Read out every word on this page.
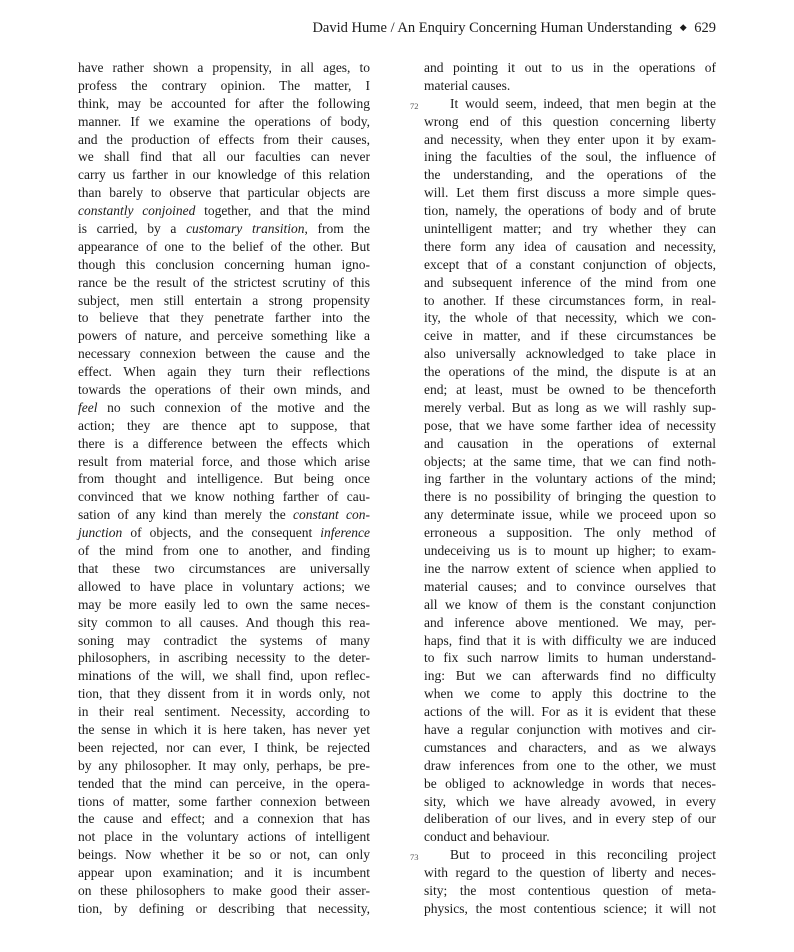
David Hume / An Enquiry Concerning Human Understanding ◆ 629
have rather shown a propensity, in all ages, to
profess the contrary opinion. The matter, I
think, may be accounted for after the following
manner. If we examine the operations of body,
and the production of effects from their causes,
we shall find that all our faculties can never
carry us farther in our knowledge of this relation
than barely to observe that particular objects are
constantly conjoined together, and that the mind
is carried, by a customary transition, from the
appearance of one to the belief of the other. But
though this conclusion concerning human igno-
rance be the result of the strictest scrutiny of this
subject, men still entertain a strong propensity
to believe that they penetrate farther into the
powers of nature, and perceive something like a
necessary connexion between the cause and the
effect. When again they turn their reflections
towards the operations of their own minds, and
feel no such connexion of the motive and the
action; they are thence apt to suppose, that
there is a difference between the effects which
result from material force, and those which arise
from thought and intelligence. But being once
convinced that we know nothing farther of cau-
sation of any kind than merely the constant con-
junction of objects, and the consequent inference
of the mind from one to another, and finding
that these two circumstances are universally
allowed to have place in voluntary actions; we
may be more easily led to own the same neces-
sity common to all causes. And though this rea-
soning may contradict the systems of many
philosophers, in ascribing necessity to the deter-
minations of the will, we shall find, upon reflec-
tion, that they dissent from it in words only, not
in their real sentiment. Necessity, according to
the sense in which it is here taken, has never yet
been rejected, nor can ever, I think, be rejected
by any philosopher. It may only, perhaps, be pre-
tended that the mind can perceive, in the opera-
tions of matter, some farther connexion between
the cause and effect; and a connexion that has
not place in the voluntary actions of intelligent
beings. Now whether it be so or not, can only
appear upon examination; and it is incumbent
on these philosophers to make good their asser-
tion, by defining or describing that necessity,
and pointing it out to us in the operations of
material causes.
72	It would seem, indeed, that men begin at the
wrong end of this question concerning liberty
and necessity, when they enter upon it by exam-
ining the faculties of the soul, the influence of
the understanding, and the operations of the
will. Let them first discuss a more simple ques-
tion, namely, the operations of body and of brute
unintelligent matter; and try whether they can
there form any idea of causation and necessity,
except that of a constant conjunction of objects,
and subsequent inference of the mind from one
to another. If these circumstances form, in real-
ity, the whole of that necessity, which we con-
ceive in matter, and if these circumstances be
also universally acknowledged to take place in
the operations of the mind, the dispute is at an
end; at least, must be owned to be thenceforth
merely verbal. But as long as we will rashly sup-
pose, that we have some farther idea of necessity
and causation in the operations of external
objects; at the same time, that we can find noth-
ing farther in the voluntary actions of the mind;
there is no possibility of bringing the question to
any determinate issue, while we proceed upon so
erroneous a supposition. The only method of
undeceiving us is to mount up higher; to exam-
ine the narrow extent of science when applied to
material causes; and to convince ourselves that
all we know of them is the constant conjunction
and inference above mentioned. We may, per-
haps, find that it is with difficulty we are induced
to fix such narrow limits to human understand-
ing: But we can afterwards find no difficulty
when we come to apply this doctrine to the
actions of the will. For as it is evident that these
have a regular conjunction with motives and cir-
cumstances and characters, and as we always
draw inferences from one to the other, we must
be obliged to acknowledge in words that neces-
sity, which we have already avowed, in every
deliberation of our lives, and in every step of our
conduct and behaviour.
73	But to proceed in this reconciling project
with regard to the question of liberty and neces-
sity; the most contentious question of meta-
physics, the most contentious science; it will not
